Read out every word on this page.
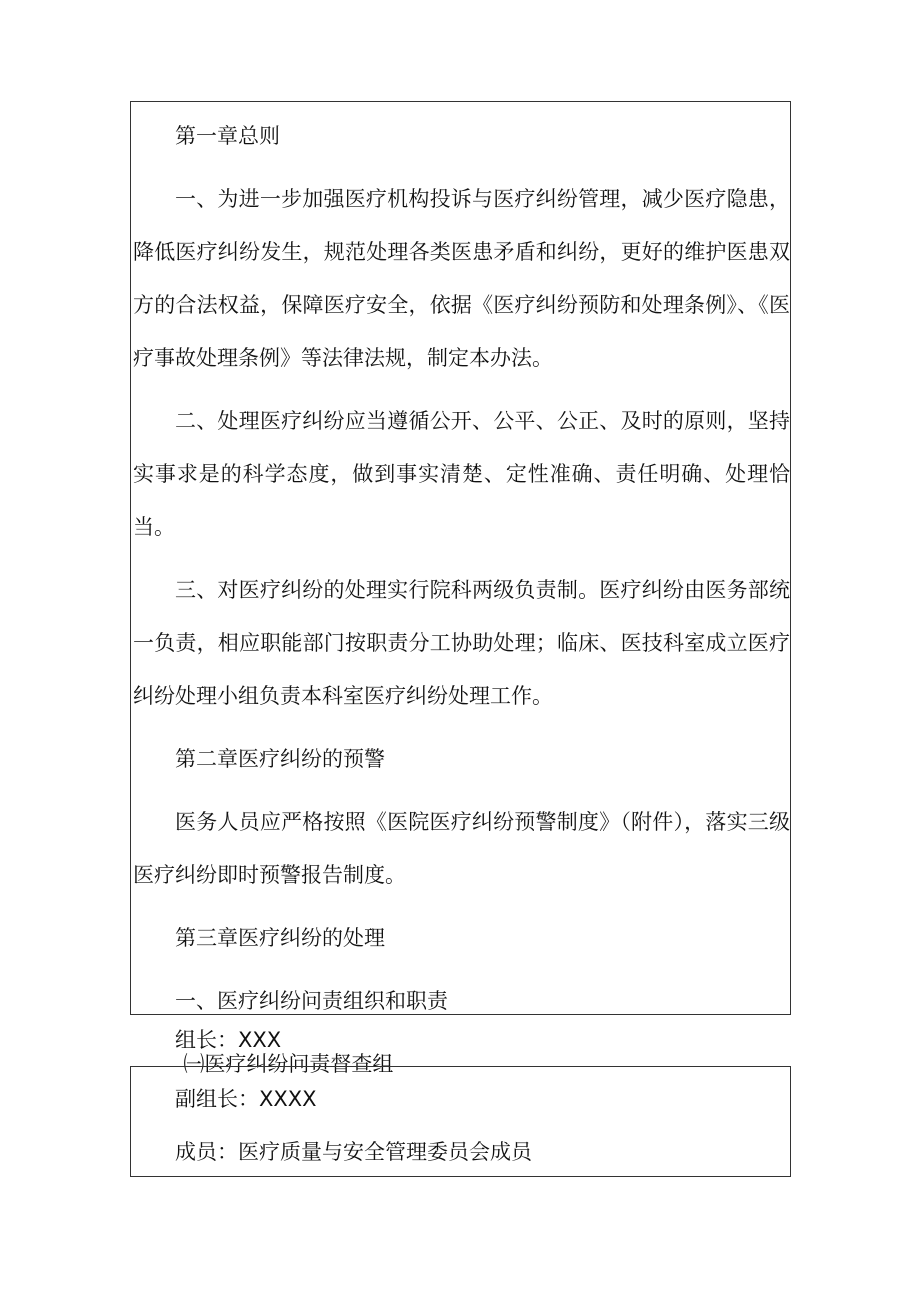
第一章总则

一、为进一步加强医疗机构投诉与医疗纠纷管理，减少医疗隐患，降低医疗纠纷发生，规范处理各类医患矛盾和纠纷，更好的维护医患双方的合法权益，保障医疗安全，依据《医疗纠纷预防和处理条例》、《医疗事故处理条例》等法律法规，制定本办法。

二、处理医疗纠纷应当遵循公开、公平、公正、及时的原则，坚持实事求是的科学态度，做到事实清楚、定性准确、责任明确、处理恰当。

三、对医疗纠纷的处理实行院科两级负责制。医疗纠纷由医务部统一负责，相应职能部门按职责分工协助处理；临床、医技科室成立医疗纠纷处理小组负责本科室医疗纠纷处理工作。

第二章医疗纠纷的预警

医务人员应严格按照《医院医疗纠纷预警制度》（附件），落实三级医疗纠纷即时预警报告制度。

第三章医疗纠纷的处理

一、医疗纠纷问责组织和职责

㈠医疗纠纷问责督查组

组长：XXX

副组长：XXXX

成员：医疗质量与安全管理委员会成员
